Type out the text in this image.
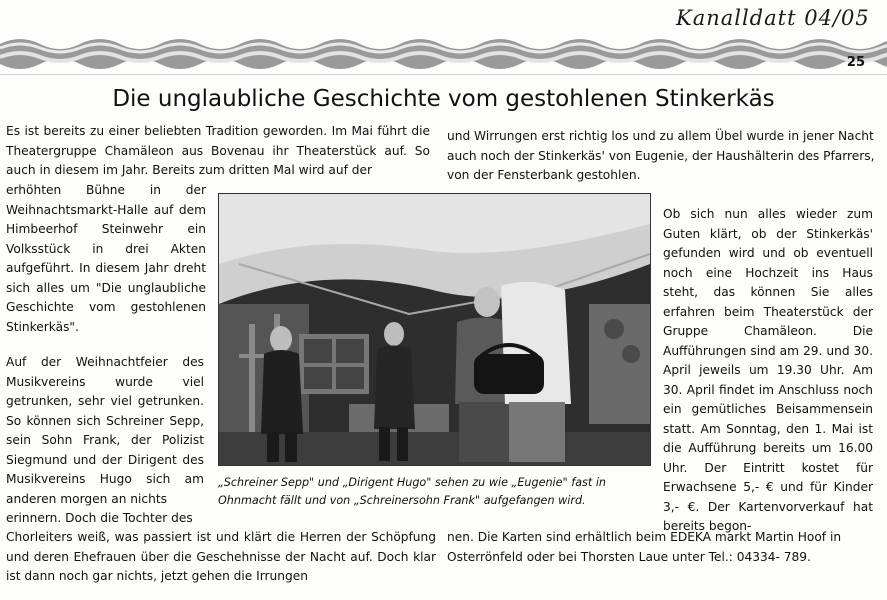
Kanalldatt 04/05
25
Die unglaubliche Geschichte vom gestohlenen Stinkerkäs

Es ist bereits zu einer beliebten Tradition geworden. Im Mai führt die Theatergruppe Chamäleon aus Bovenau ihr Theaterstück auf. So auch in diesem im Jahr. Bereits zum dritten Mal wird auf der

erhöhten Bühne in der Weihnachtsmarkt-Halle auf dem Himbeerhof Steinwehr ein Volksstück in drei Akten aufgeführt. In diesem Jahr dreht sich alles um "Die unglaubliche Geschichte vom gestohlenen Stinkerkäs".

Auf der Weihnachtfeier des Musikvereins wurde viel getrunken, sehr viel getrunken. So können sich Schreiner Sepp, sein Sohn Frank, der Polizist Siegmund und der Dirigent des Musikvereins Hugo sich am anderen morgen an nichts

erinnern. Doch die Tochter des

Chorleiters weiß, was passiert ist und klärt die Herren der Schöpfung und deren Ehefrauen über die Geschehnisse der Nacht auf. Doch klar ist dann noch gar nichts, jetzt gehen die Irrungen

und Wirrungen erst richtig los und zu allem Übel wurde in jener Nacht auch noch der Stinkerkäs' von Eugenie, der Haushälterin des Pfarrers, von der Fensterbank gestohlen.

Ob sich nun alles wieder zum Guten klärt, ob der Stinkerkäs' gefunden wird und ob eventuell noch eine Hochzeit ins Haus steht, das können Sie alles erfahren beim Theaterstück der Gruppe Chamäleon. Die Aufführungen sind am 29. und 30. April jeweils um 19.30 Uhr. Am 30. April findet im Anschluss noch ein gemütliches Beisammensein statt. Am Sonntag, den 1. Mai ist die Aufführung bereits um 16.00 Uhr. Der Eintritt kostet für Erwachsene 5,- € und für Kinder 3,- €. Der Kartenvorverkauf hat bereits begon-

nen. Die Karten sind erhältlich beim EDEKA markt Martin Hoof in Osterrönfeld oder bei Thorsten Laue unter Tel.: 04334- 789.

„Schreiner Sepp" und „Dirigent Hugo" sehen zu wie „Eugenie" fast in Ohnmacht fällt und von „Schreinersohn Frank" aufgefangen wird.
